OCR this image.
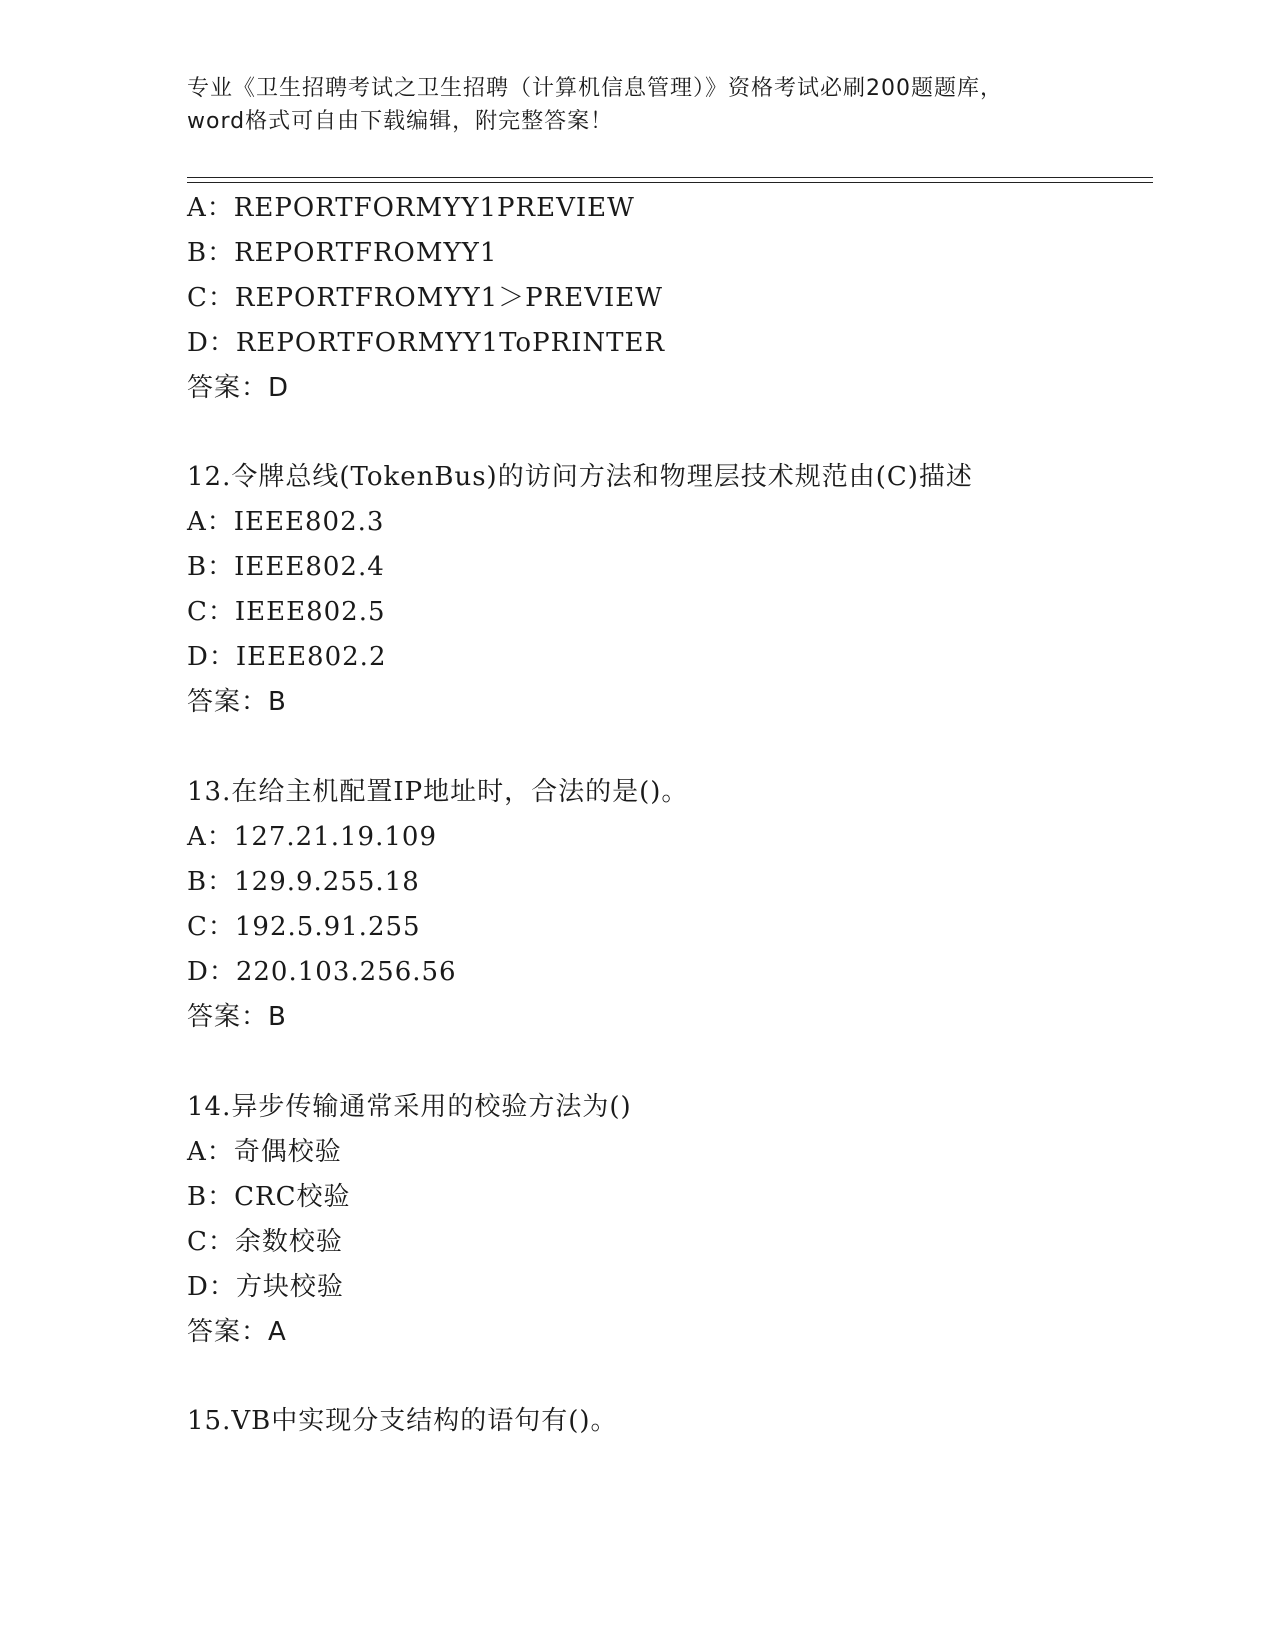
专业《卫生招聘考试之卫生招聘（计算机信息管理）》资格考试必刷200题题库，
word格式可自由下载编辑，附完整答案！
A：REPORTFORMYY1PREVIEW
B：REPORTFROMYY1
C：REPORTFROMYY1＞PREVIEW
D：REPORTFORMYY1ToPRINTER
答案：D
12.令牌总线(TokenBus)的访问方法和物理层技术规范由(C)描述
A：IEEE802.3
B：IEEE802.4
C：IEEE802.5
D：IEEE802.2
答案：B
13.在给主机配置IP地址时，合法的是()。
A：127.21.19.109
B：129.9.255.18
C：192.5.91.255
D：220.103.256.56
答案：B
14.异步传输通常采用的校验方法为()
A：奇偶校验
B：CRC校验
C：余数校验
D：方块校验
答案：A
15.VB中实现分支结构的语句有()。
